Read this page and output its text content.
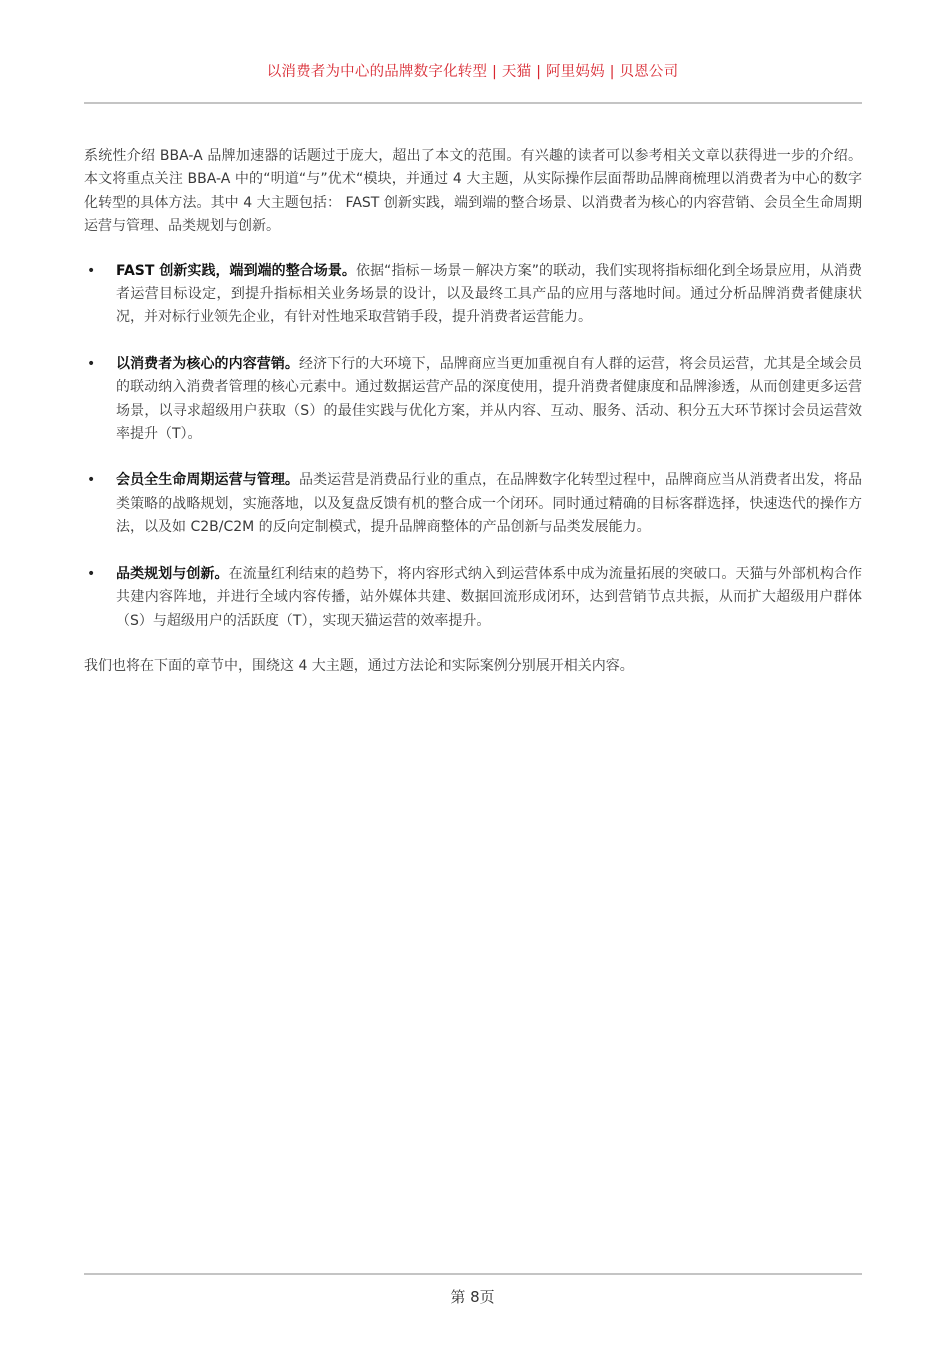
以消费者为中心的品牌数字化转型 | 天猫 | 阿里妈妈 | 贝恩公司

系统性介绍 BBA-A 品牌加速器的话题过于庞大，超出了本文的范围。有兴趣的读者可以参考相关文章以获得进一步的介绍。本文将重点关注 BBA-A 中的“明道“与”优术“模块，并通过 4 大主题，从实际操作层面帮助品牌商梳理以消费者为中心的数字化转型的具体方法。其中 4 大主题包括： FAST 创新实践，端到端的整合场景、以消费者为核心的内容营销、会员全生命周期运营与管理、品类规划与创新。

• FAST 创新实践，端到端的整合场景。依据“指标－场景－解决方案”的联动，我们实现将指标细化到全场景应用，从消费者运营目标设定，到提升指标相关业务场景的设计，以及最终工具产品的应用与落地时间。通过分析品牌消费者健康状况，并对标行业领先企业，有针对性地采取营销手段，提升消费者运营能力。
• 以消费者为核心的内容营销。经济下行的大环境下，品牌商应当更加重视自有人群的运营，将会员运营，尤其是全域会员的联动纳入消费者管理的核心元素中。通过数据运营产品的深度使用，提升消费者健康度和品牌渗透，从而创建更多运营场景，以寻求超级用户获取（S）的最佳实践与优化方案，并从内容、互动、服务、活动、积分五大环节探讨会员运营效率提升（T）。
• 会员全生命周期运营与管理。品类运营是消费品行业的重点，在品牌数字化转型过程中，品牌商应当从消费者出发，将品类策略的战略规划，实施落地，以及复盘反馈有机的整合成一个闭环。同时通过精确的目标客群选择，快速迭代的操作方法，以及如 C2B/C2M 的反向定制模式，提升品牌商整体的产品创新与品类发展能力。
• 品类规划与创新。在流量红利结束的趋势下，将内容形式纳入到运营体系中成为流量拓展的突破口。天猫与外部机构合作共建内容阵地，并进行全域内容传播，站外媒体共建、数据回流形成闭环，达到营销节点共振，从而扩大超级用户群体（S）与超级用户的活跃度（T），实现天猫运营的效率提升。

我们也将在下面的章节中，围绕这 4 大主题，通过方法论和实际案例分别展开相关内容。

第 8页
